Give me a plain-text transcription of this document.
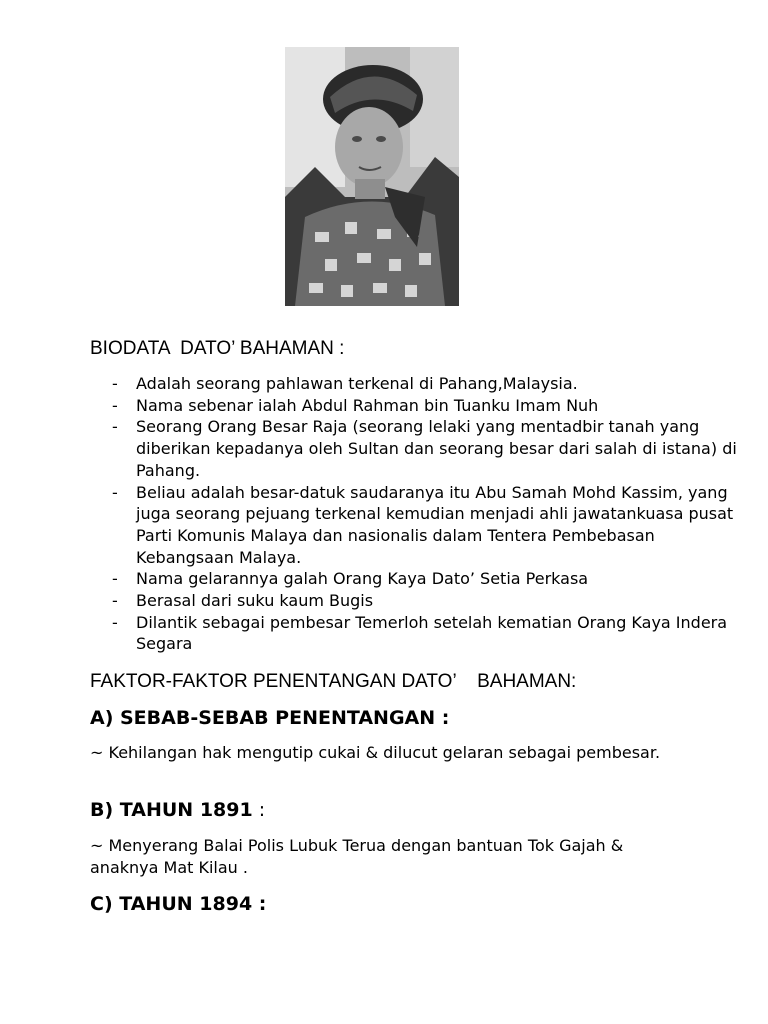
BIODATA  DATO’ BAHAMAN :
- Adalah seorang pahlawan terkenal di Pahang,Malaysia.
- Nama sebenar ialah Abdul Rahman bin Tuanku Imam Nuh
- Seorang Orang Besar Raja (seorang lelaki yang mentadbir tanah yang diberikan kepadanya oleh Sultan dan seorang besar dari salah di istana) di Pahang.
- Beliau adalah besar-datuk saudaranya itu Abu Samah Mohd Kassim, yang juga seorang pejuang terkenal kemudian menjadi ahli jawatankuasa pusat Parti Komunis Malaya dan nasionalis dalam Tentera Pembebasan Kebangsaan Malaya.
- Nama gelarannya galah Orang Kaya Dato’ Setia Perkasa
- Berasal dari suku kaum Bugis
- Dilantik sebagai pembesar Temerloh setelah kematian Orang Kaya Indera Segara
FAKTOR-FAKTOR PENENTANGAN DATO’    BAHAMAN:
A) SEBAB-SEBAB PENENTANGAN :
~ Kehilangan hak mengutip cukai & dilucut gelaran sebagai pembesar.
B) TAHUN 1891 :
~ Menyerang Balai Polis Lubuk Terua dengan bantuan Tok Gajah & anaknya Mat Kilau .
C) TAHUN 1894 :
